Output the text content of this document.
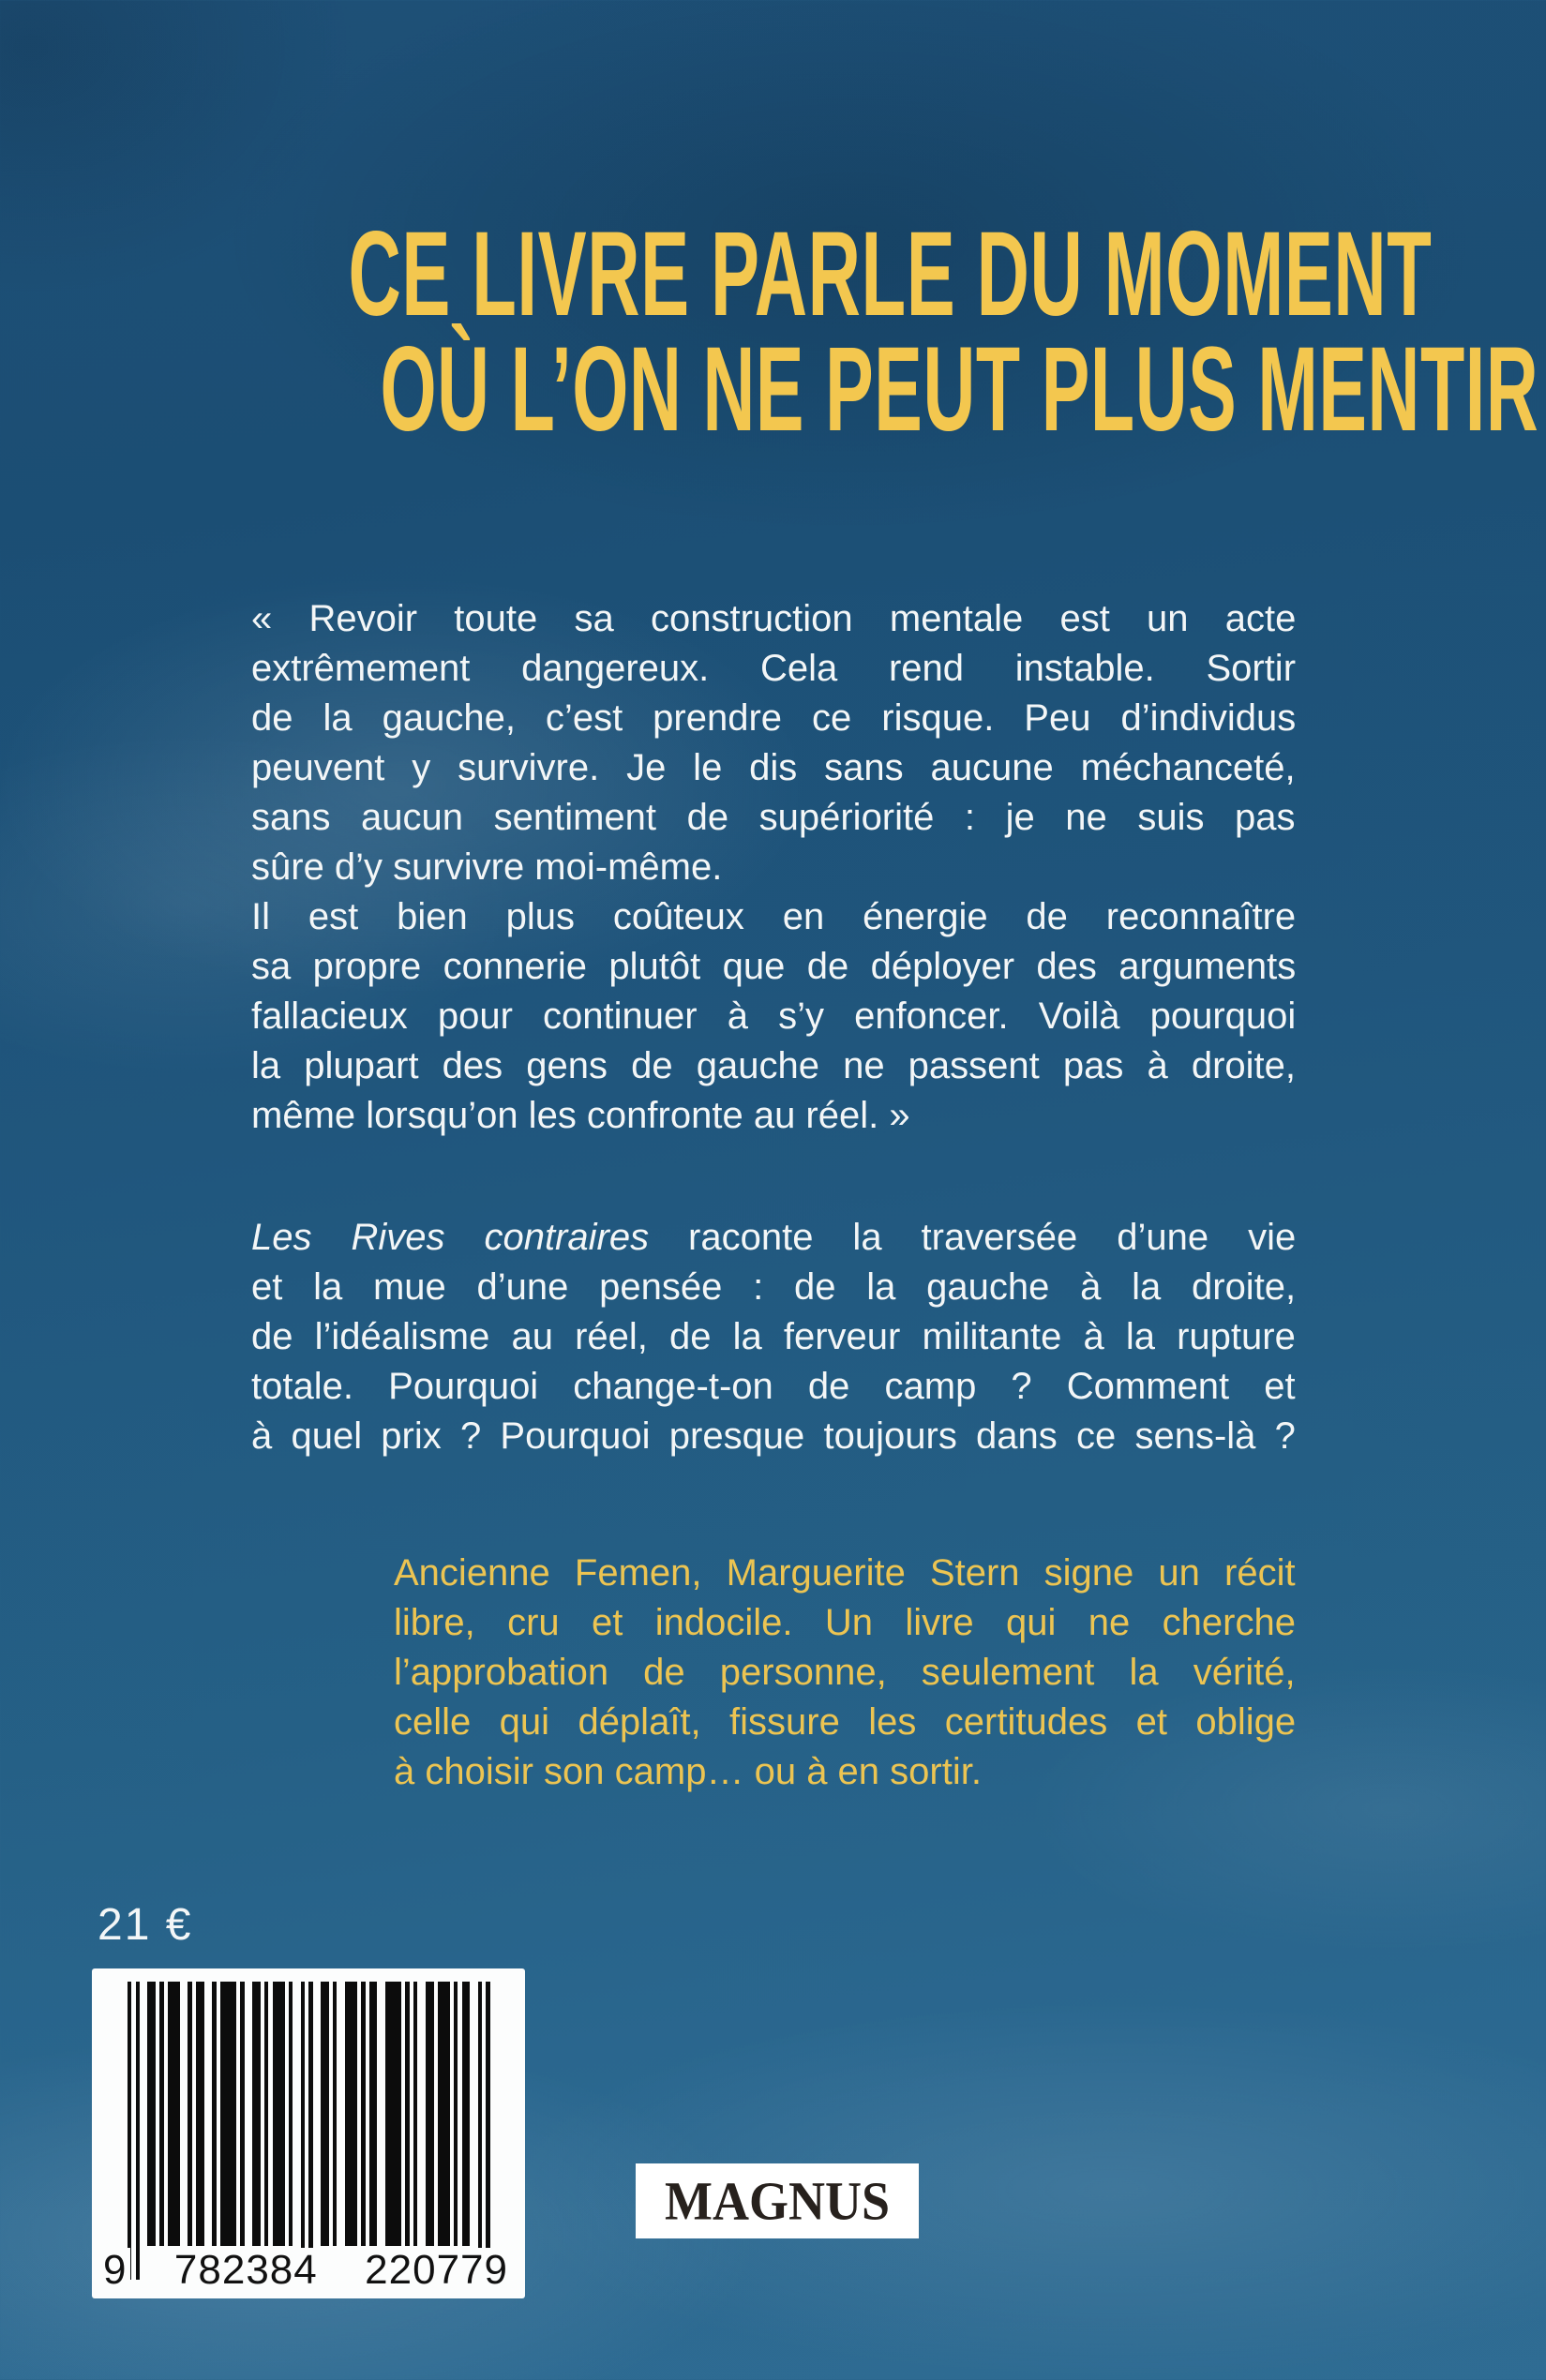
CE LIVRE PARLE DU MOMENT
OÙ L’ON NE PEUT PLUS MENTIR
« Revoir toute sa construction mentale est un acte
extrêmement dangereux. Cela rend instable. Sortir
de la gauche, c’est prendre ce risque. Peu d’individus
peuvent y survivre. Je le dis sans aucune méchanceté,
sans aucun sentiment de supériorité : je ne suis pas
sûre d’y survivre moi-même.
Il est bien plus coûteux en énergie de reconnaître
sa propre connerie plutôt que de déployer des arguments
fallacieux pour continuer à s’y enfoncer. Voilà pourquoi
la plupart des gens de gauche ne passent pas à droite,
même lorsqu’on les confronte au réel. »
Les Rives contraires raconte la traversée d’une vie
et la mue d’une pensée : de la gauche à la droite,
de l’idéalisme au réel, de la ferveur militante à la rupture
totale. Pourquoi change-t-on de camp ? Comment et
à quel prix ? Pourquoi presque toujours dans ce sens-là ?
Ancienne Femen, Marguerite Stern signe un récit
libre, cru et indocile. Un livre qui ne cherche
l’approbation de personne, seulement la vérité,
celle qui déplaît, fissure les certitudes et oblige
à choisir son camp… ou à en sortir.
21 €
9 782384 220779
MAGNUS
